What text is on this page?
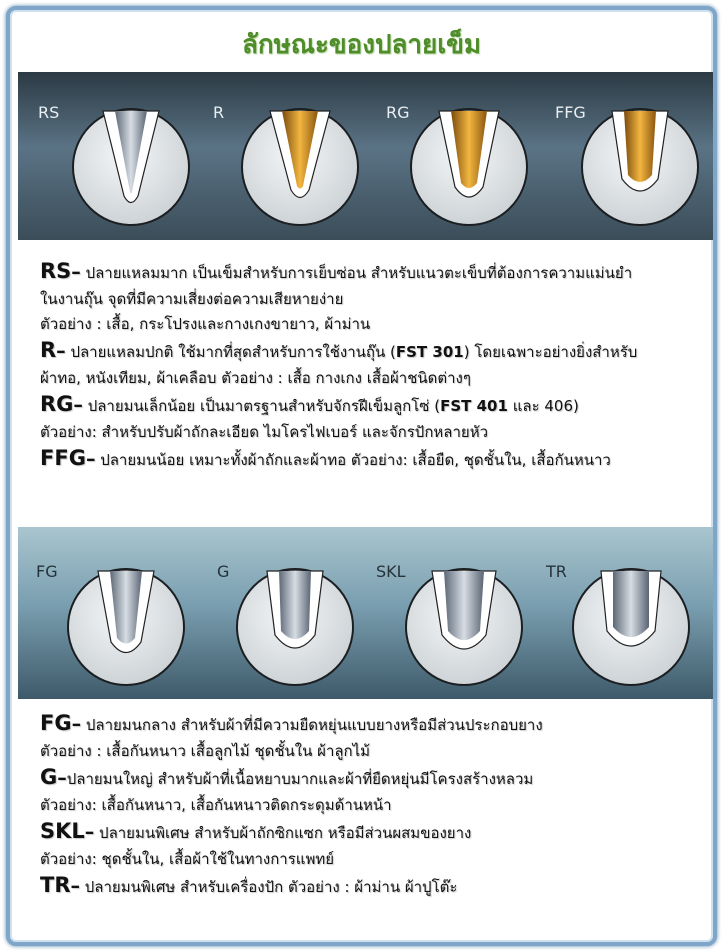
ลักษณะของปลายเข็ม
RS	R	RG	FFG
RS– ปลายแหลมมาก เป็นเข็มสำหรับการเย็บซ่อน สำหรับแนวตะเข็บที่ต้องการความแม่นยำ
ในงานถุ๊น จุดที่มีความเสี่ยงต่อความเสียหายง่าย
ตัวอย่าง : เสื้อ, กระโปรงและกางเกงขายาว, ผ้าม่าน
R– ปลายแหลมปกติ ใช้มากที่สุดสำหรับการใช้งานถุ๊น (FST 301) โดยเฉพาะอย่างยิ่งสำหรับ
ผ้าทอ, หนังเทียม, ผ้าเคลือบ ตัวอย่าง : เสื้อ กางเกง เสื้อผ้าชนิดต่างๆ
RG– ปลายมนเล็กน้อย เป็นมาตรฐานสำหรับจักรฝีเข็มลูกโซ่ (FST 401 และ 406)
ตัวอย่าง: สำหรับปรับผ้าถักละเอียด ไมโครไฟเบอร์ และจักรปักหลายหัว
FFG– ปลายมนน้อย เหมาะทั้งผ้าถักและผ้าทอ ตัวอย่าง: เสื้อยืด, ชุดชั้นใน, เสื้อกันหนาว
FG	G	SKL	TR
FG– ปลายมนกลาง สำหรับผ้าที่มีความยืดหยุ่นแบบยางหรือมีส่วนประกอบยาง
ตัวอย่าง : เสื้อกันหนาว เสื้อลูกไม้ ชุดชั้นใน ผ้าลูกไม้
G–ปลายมนใหญ่ สำหรับผ้าที่เนื้อหยาบมากและผ้าที่ยืดหยุ่นมีโครงสร้างหลวม
ตัวอย่าง: เสื้อกันหนาว, เสื้อกันหนาวติดกระดุมด้านหน้า
SKL– ปลายมนพิเศษ สำหรับผ้าถักซิกแซก หรือมีส่วนผสมของยาง
ตัวอย่าง: ชุดชั้นใน, เสื้อผ้าใช้ในทางการแพทย์
TR– ปลายมนพิเศษ สำหรับเครื่องปัก ตัวอย่าง : ผ้าม่าน ผ้าปูโต๊ะ
